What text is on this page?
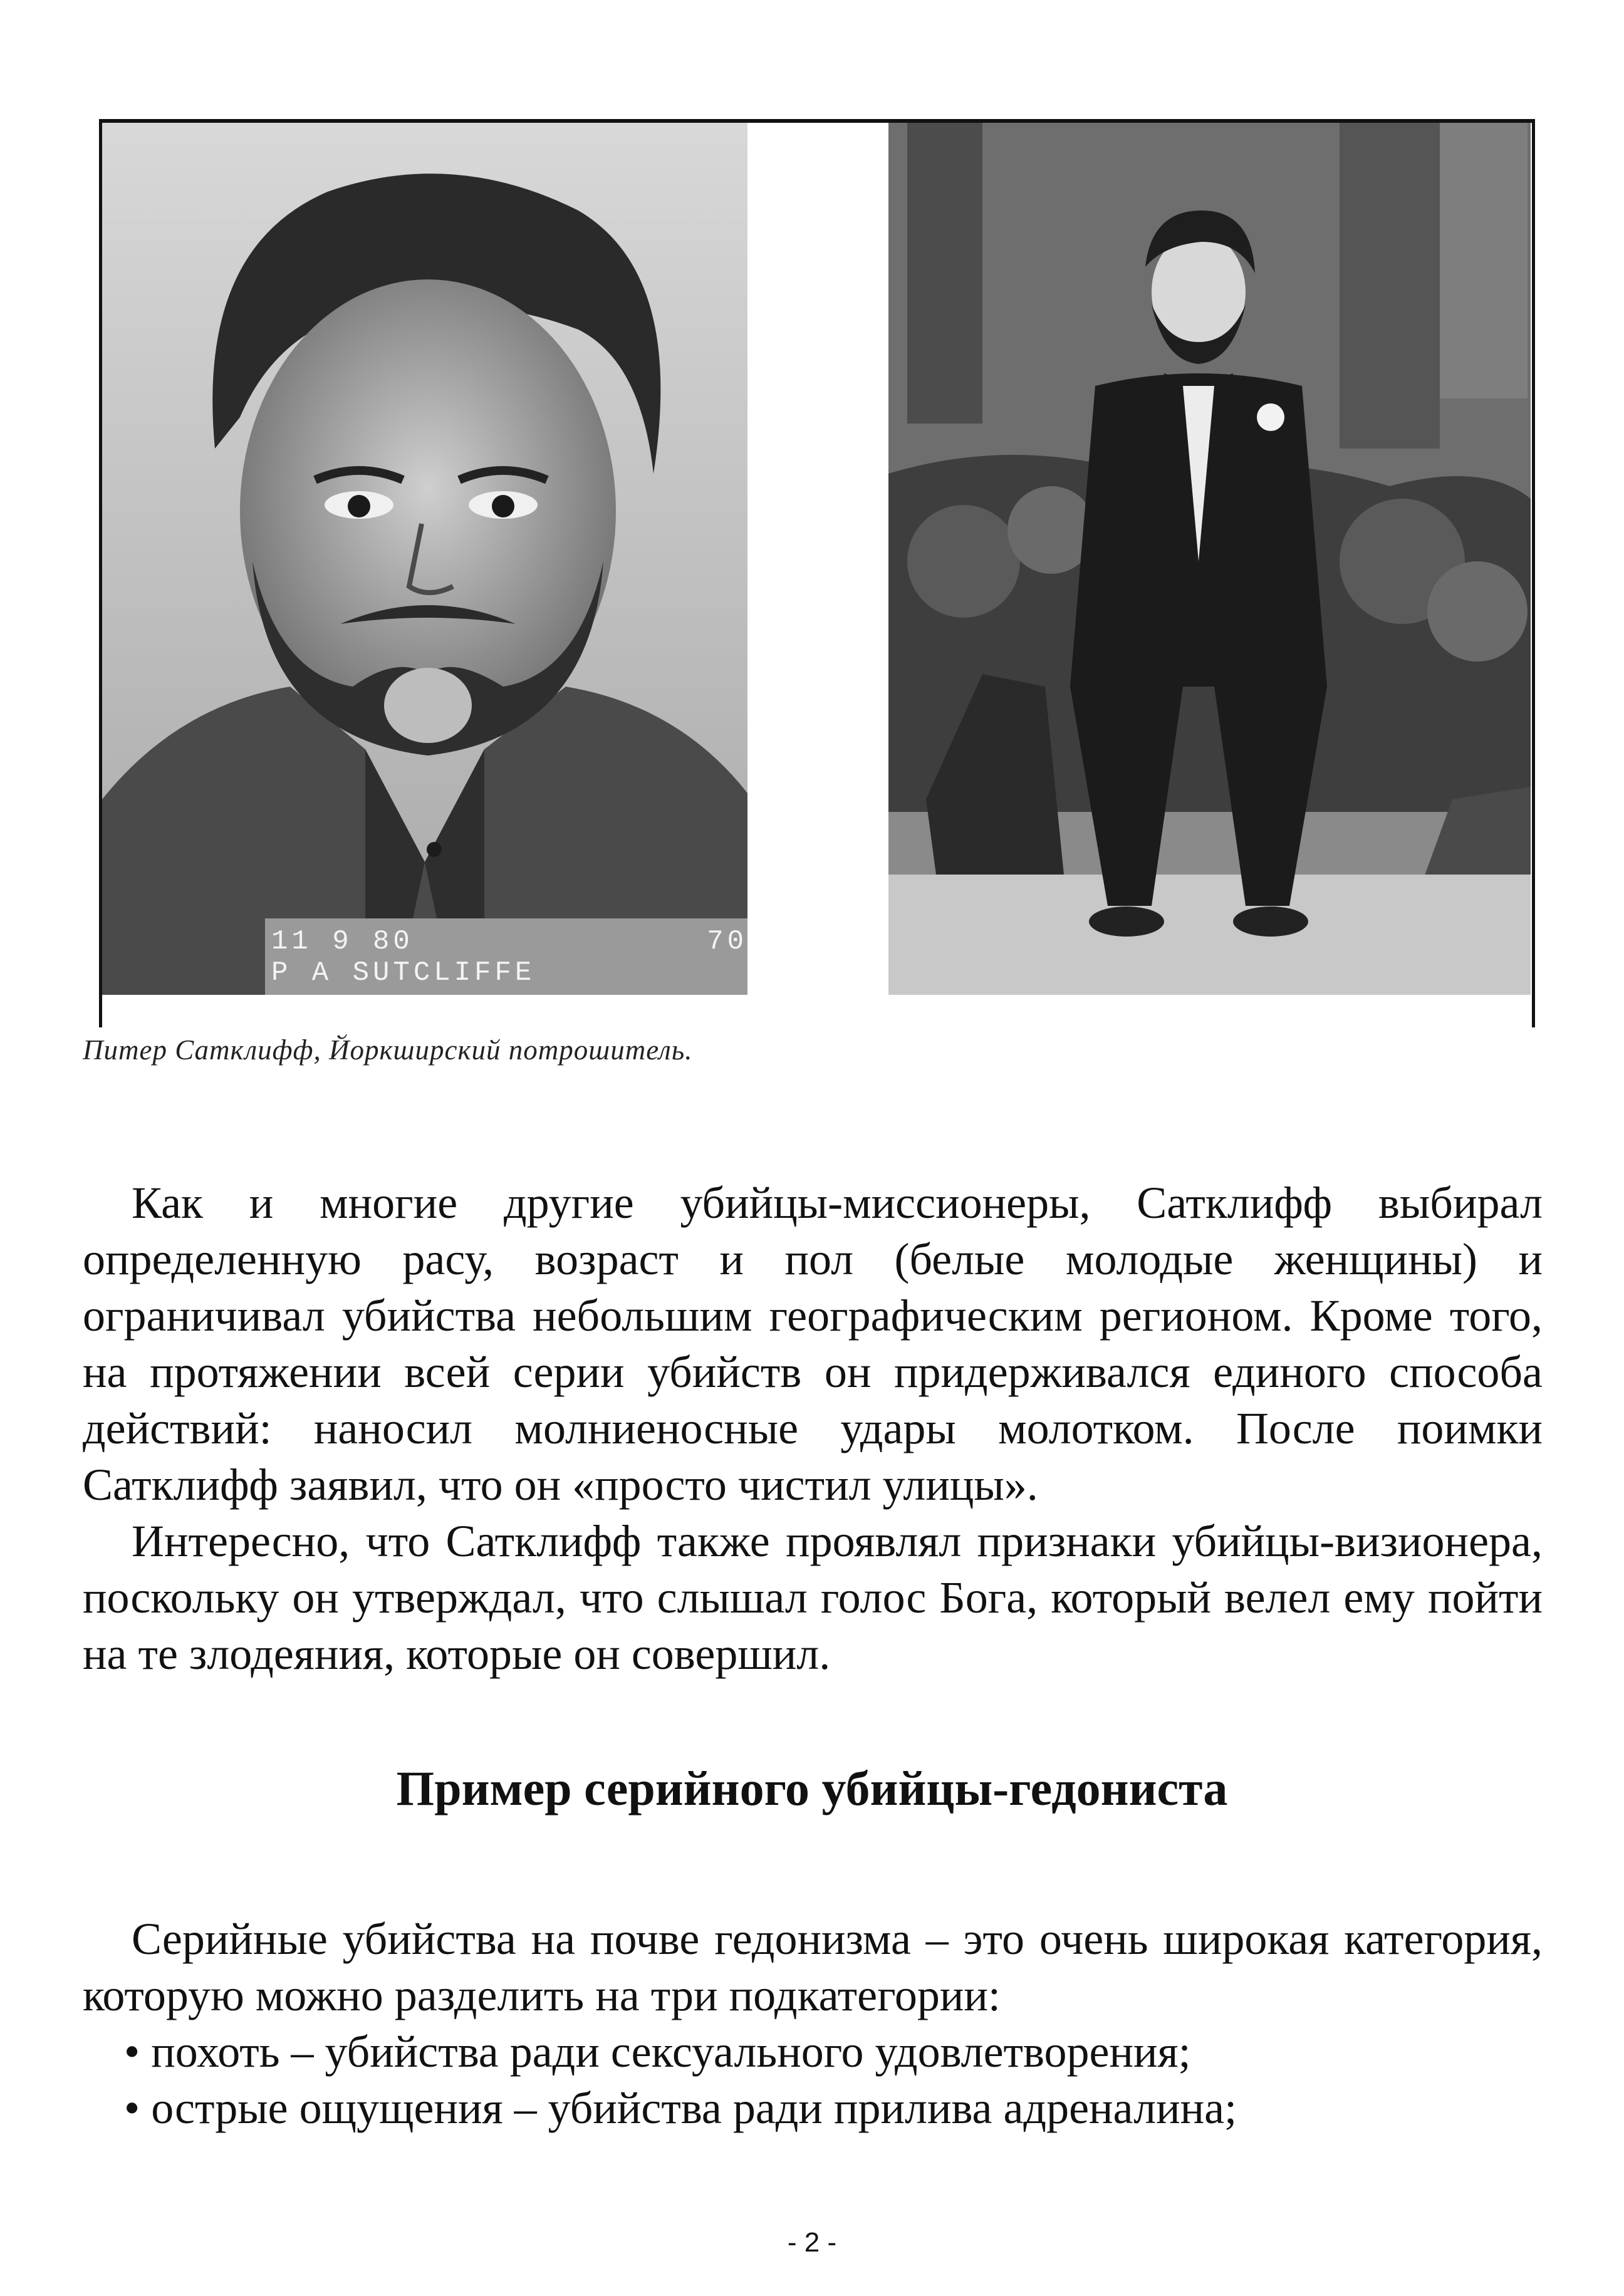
11 9 80	70
P A SUTCLIFFE
Питер Сатклифф, Йоркширский потрошитель.

Как и многие другие убийцы-миссионеры, Сатклифф выбирал определенную расу, возраст и пол (белые молодые женщины) и ограничивал убийства небольшим географическим регионом. Кроме того, на протяжении всей серии убийств он придерживался единого способа действий: наносил молниеносные удары молотком. После поимки Сатклифф заявил, что он «просто чистил улицы».

Интересно, что Сатклифф также проявлял признаки убийцы-визионера, поскольку он утверждал, что слышал голос Бога, который велел ему пойти на те злодеяния, которые он совершил.

Пример серийного убийцы-гедониста

Серийные убийства на почве гедонизма – это очень широкая категория, которую можно разделить на три подкатегории:

• похоть – убийства ради сексуального удовлетворения;
• острые ощущения – убийства ради прилива адреналина;
- 2 -
